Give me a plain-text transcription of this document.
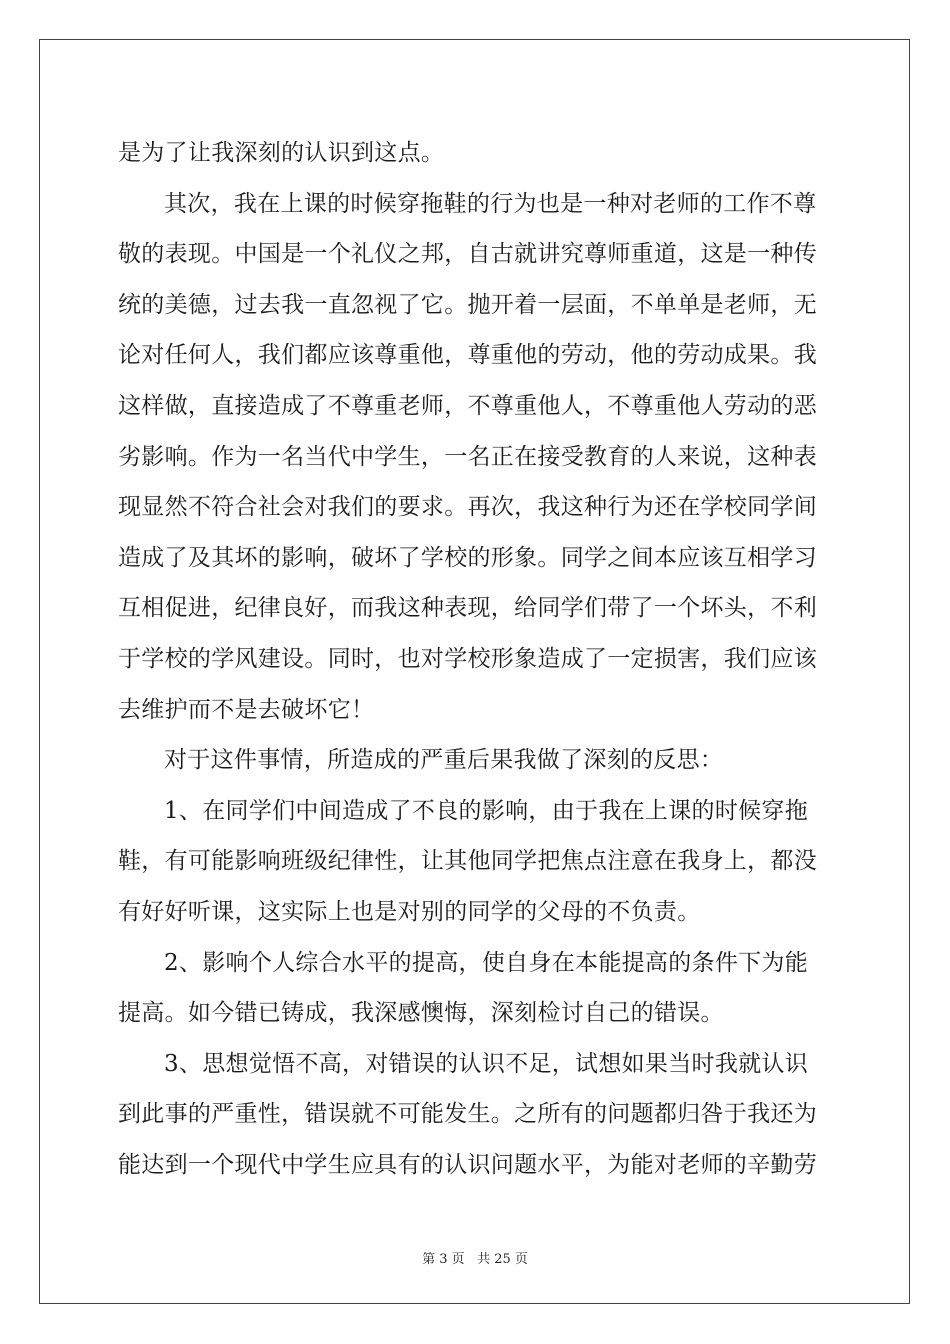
是为了让我深刻的认识到这点。
其次，我在上课的时候穿拖鞋的行为也是一种对老师的工作不尊
敬的表现。中国是一个礼仪之邦，自古就讲究尊师重道，这是一种传
统的美德，过去我一直忽视了它。抛开着一层面，不单单是老师，无
论对任何人，我们都应该尊重他，尊重他的劳动，他的劳动成果。我
这样做，直接造成了不尊重老师，不尊重他人，不尊重他人劳动的恶
劣影响。作为一名当代中学生，一名正在接受教育的人来说，这种表
现显然不符合社会对我们的要求。再次，我这种行为还在学校同学间
造成了及其坏的影响，破坏了学校的形象。同学之间本应该互相学习
互相促进，纪律良好，而我这种表现，给同学们带了一个坏头，不利
于学校的学风建设。同时，也对学校形象造成了一定损害，我们应该
去维护而不是去破坏它！
对于这件事情，所造成的严重后果我做了深刻的反思：
1、在同学们中间造成了不良的影响，由于我在上课的时候穿拖
鞋，有可能影响班级纪律性，让其他同学把焦点注意在我身上，都没
有好好听课，这实际上也是对别的同学的父母的不负责。
2、影响个人综合水平的提高，使自身在本能提高的条件下为能
提高。如今错已铸成，我深感懊悔，深刻检讨自己的错误。
3、思想觉悟不高，对错误的认识不足，试想如果当时我就认识
到此事的严重性，错误就不可能发生。之所有的问题都归咎于我还为
能达到一个现代中学生应具有的认识问题水平，为能对老师的辛勤劳
第 3 页 共 25 页
